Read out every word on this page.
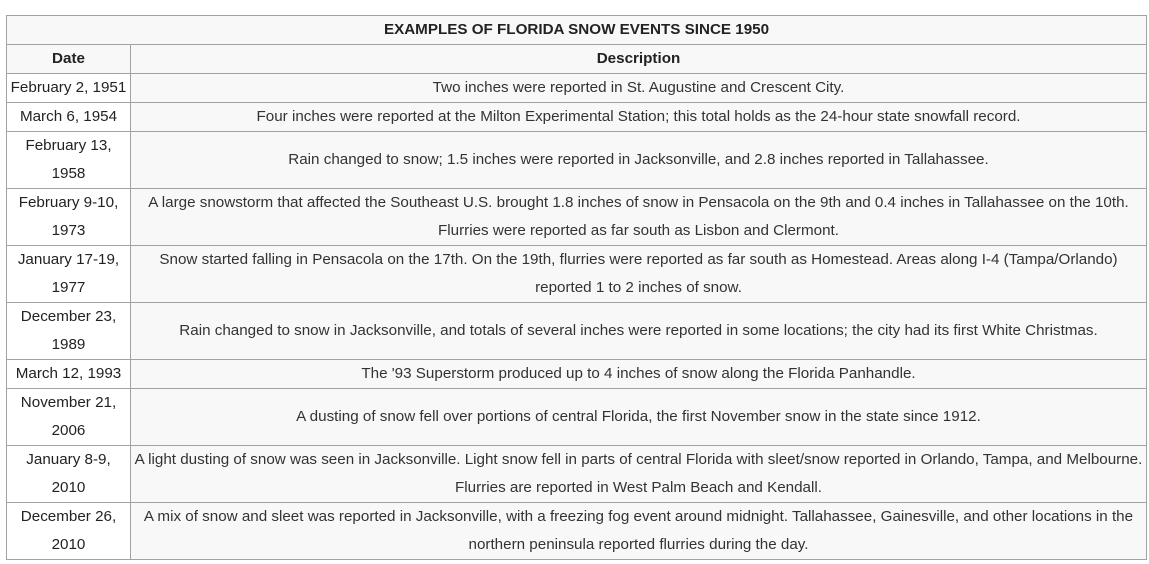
EXAMPLES OF FLORIDA SNOW EVENTS SINCE 1950	
Date	Description
February 2, 1951	Two inches were reported in St. Augustine and Crescent City.
March 6, 1954	Four inches were reported at the Milton Experimental Station; this total holds as the 24-hour state snowfall record.
February 13, 1958	Rain changed to snow; 1.5 inches were reported in Jacksonville, and 2.8 inches reported in Tallahassee.
February 9-10, 1973	A large snowstorm that affected the Southeast U.S. brought 1.8 inches of snow in Pensacola on the 9th and 0.4 inches in Tallahassee on the 10th. Flurries were reported as far south as Lisbon and Clermont.
January 17-19, 1977	Snow started falling in Pensacola on the 17th. On the 19th, flurries were reported as far south as Homestead. Areas along I-4 (Tampa/Orlando) reported 1 to 2 inches of snow.
December 23, 1989	Rain changed to snow in Jacksonville, and totals of several inches were reported in some locations; the city had its first White Christmas.
March 12, 1993	The '93 Superstorm produced up to 4 inches of snow along the Florida Panhandle.
November 21, 2006	A dusting of snow fell over portions of central Florida, the first November snow in the state since 1912.
January 8-9, 2010	A light dusting of snow was seen in Jacksonville. Light snow fell in parts of central Florida with sleet/snow reported in Orlando, Tampa, and Melbourne. Flurries are reported in West Palm Beach and Kendall.
December 26, 2010	A mix of snow and sleet was reported in Jacksonville, with a freezing fog event around midnight. Tallahassee, Gainesville, and other locations in the northern peninsula reported flurries during the day.
